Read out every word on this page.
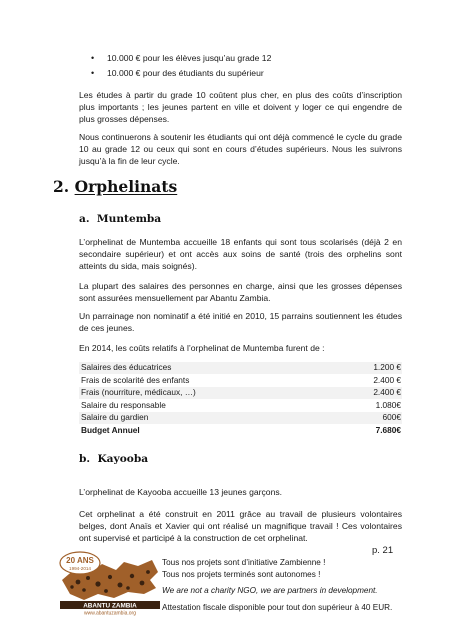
• 10.000 € pour les élèves jusqu’au grade 12
• 10.000 € pour des étudiants du supérieur

Les études à partir du grade 10 coûtent plus cher, en plus des coûts d’inscription plus importants ; les jeunes partent en ville et doivent y loger ce qui engendre de plus grosses dépenses.

Nous continuerons à soutenir les étudiants qui ont déjà commencé le cycle du grade 10 au grade 12 ou ceux qui sont en cours d’études supérieurs. Nous les suivrons jusqu’à la fin de leur cycle.

2. Orphelinats
a.  Muntemba

L’orphelinat de Muntemba accueille 18 enfants qui sont tous scolarisés (déjà 2 en secondaire supérieur) et ont accès aux soins de santé (trois des orphelins sont atteints du sida, mais soignés).

La plupart des salaires des personnes en charge, ainsi que les grosses dépenses sont assurées mensuellement par Abantu Zambia.

Un parrainage non nominatif a été initié en 2010, 15 parrains soutiennent les études de ces jeunes.

En 2014, les coûts relatifs à l’orphelinat de Muntemba furent de :

Salaires des éducatrices	1.200 €
Frais de scolarité des enfants	2.400 €
Frais (nourriture, médicaux, …)	2.400 €
Salaire du responsable	1.080€
Salaire du gardien	600€
Budget Annuel	7.680€
b.  Kayooba

L’orphelinat de Kayooba accueille 13 jeunes garçons.

Cet orphelinat a été construit en 2011 grâce au travail de plusieurs volontaires belges, dont Anaïs et Xavier qui ont réalisé un magnifique travail ! Ces volontaires ont supervisé et participé à la construction de cet orphelinat.

p. 21
20 ANS
1994-2014
ABANTU ZAMBIA
www.abantuzambia.org
Tous nos projets sont d’initiative Zambienne !
Tous nos projets terminés sont autonomes !
We are not a charity NGO, we are partners in development.
Attestation fiscale disponible pour tout don supérieur à 40 EUR.
